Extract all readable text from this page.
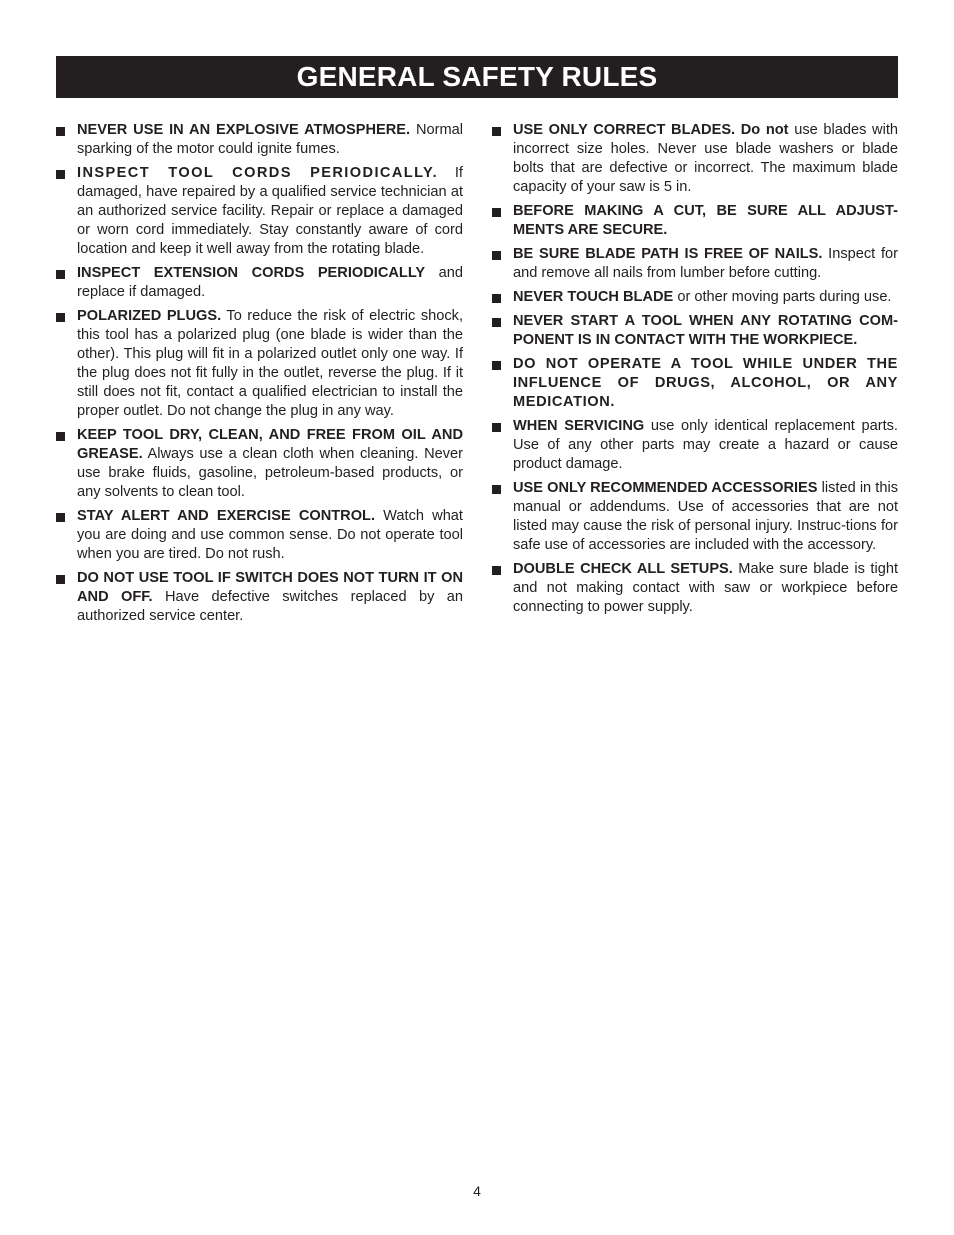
GENERAL SAFETY RULES
NEVER USE IN AN EXPLOSIVE ATMOSPHERE. Normal sparking of the motor could ignite fumes.
INSPECT TOOL CORDS PERIODICALLY. If damaged, have repaired by a qualified service technician at an authorized service facility. Repair or replace a damaged or worn cord immediately. Stay constantly aware of cord location and keep it well away from the rotating blade.
INSPECT EXTENSION CORDS PERIODICALLY and replace if damaged.
POLARIZED PLUGS. To reduce the risk of electric shock, this tool has a polarized plug (one blade is wider than the other). This plug will fit in a polarized outlet only one way. If the plug does not fit fully in the outlet, reverse the plug. If it still does not fit, contact a qualified electrician to install the proper outlet. Do not change the plug in any way.
KEEP TOOL DRY, CLEAN, AND FREE FROM OIL AND GREASE. Always use a clean cloth when cleaning. Never use brake fluids, gasoline, petroleum-based products, or any solvents to clean tool.
STAY ALERT AND EXERCISE CONTROL. Watch what you are doing and use common sense. Do not operate tool when you are tired. Do not rush.
DO NOT USE TOOL IF SWITCH DOES NOT TURN IT ON AND OFF. Have defective switches replaced by an authorized service center.
USE ONLY CORRECT BLADES. Do not use blades with incorrect size holes. Never use blade washers or blade bolts that are defective or incorrect. The maximum blade capacity of your saw is 5 in.
BEFORE MAKING A CUT, BE SURE ALL ADJUST-MENTS ARE SECURE.
BE SURE BLADE PATH IS FREE OF NAILS. Inspect for and remove all nails from lumber before cutting.
NEVER TOUCH BLADE or other moving parts during use.
NEVER START A TOOL WHEN ANY ROTATING COM-PONENT IS IN CONTACT WITH THE WORKPIECE.
DO NOT OPERATE A TOOL WHILE UNDER THE INFLUENCE OF DRUGS, ALCOHOL, OR ANY MEDICATION.
WHEN SERVICING use only identical replacement parts. Use of any other parts may create a hazard or cause product damage.
USE ONLY RECOMMENDED ACCESSORIES listed in this manual or addendums. Use of accessories that are not listed may cause the risk of personal injury. Instruc-tions for safe use of accessories are included with the accessory.
DOUBLE CHECK ALL SETUPS. Make sure blade is tight and not making contact with saw or workpiece before connecting to power supply.
4
